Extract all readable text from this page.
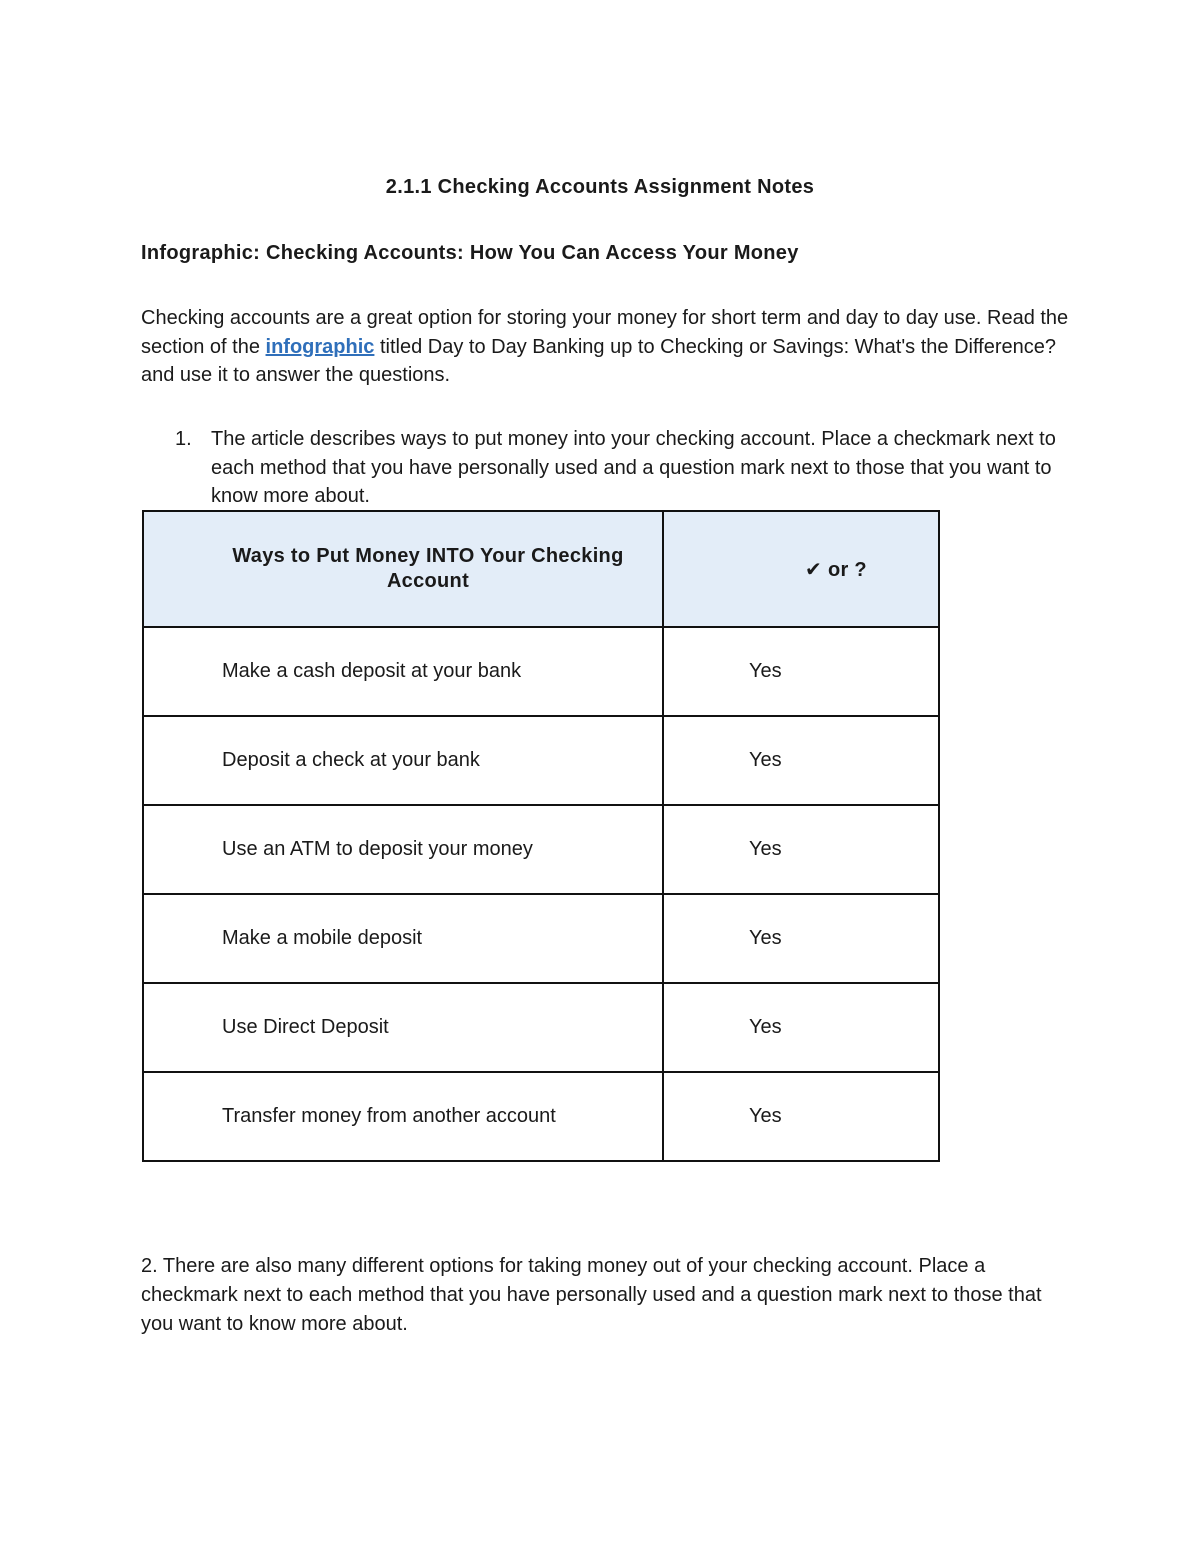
2.1.1 Checking Accounts Assignment Notes
Infographic: Checking Accounts: How You Can Access Your Money
Checking accounts are a great option for storing your money for short term and day to day use. Read the section of the infographic titled Day to Day Banking up to Checking or Savings: What's the Difference? and use it to answer the questions.
1. The article describes ways to put money into your checking account. Place a checkmark next to each method that you have personally used and a question mark next to those that you want to know more about.
Ways to Put Money INTO Your Checking Account	✔ or ?
Make a cash deposit at your bank	Yes
Deposit a check at your bank	Yes
Use an ATM to deposit your money	Yes
Make a mobile deposit	Yes
Use Direct Deposit	Yes
Transfer money from another account	Yes
2. There are also many different options for taking money out of your checking account. Place a checkmark next to each method that you have personally used and a question mark next to those that you want to know more about.
